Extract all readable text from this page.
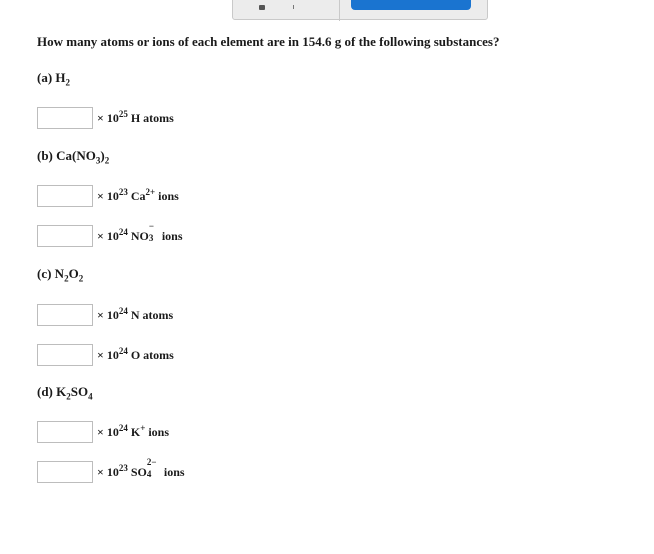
How many atoms or ions of each element are in 154.6 g of the following substances?
(a) $H_2$
× $10^{25}$ H atoms
(b) $Ca(NO_3)_2$
× $10^{23}$ $Ca^{2+}$ ions
× $10^{24}$ NO
−
3 ions
(c) $N_2O_2$
× $10^{24}$ N atoms
× $10^{24}$ O atoms
(d) $K_2SO_4$
× $10^{24}$ K+ ions
× $10^{23}$ SO
2−
4 ions
